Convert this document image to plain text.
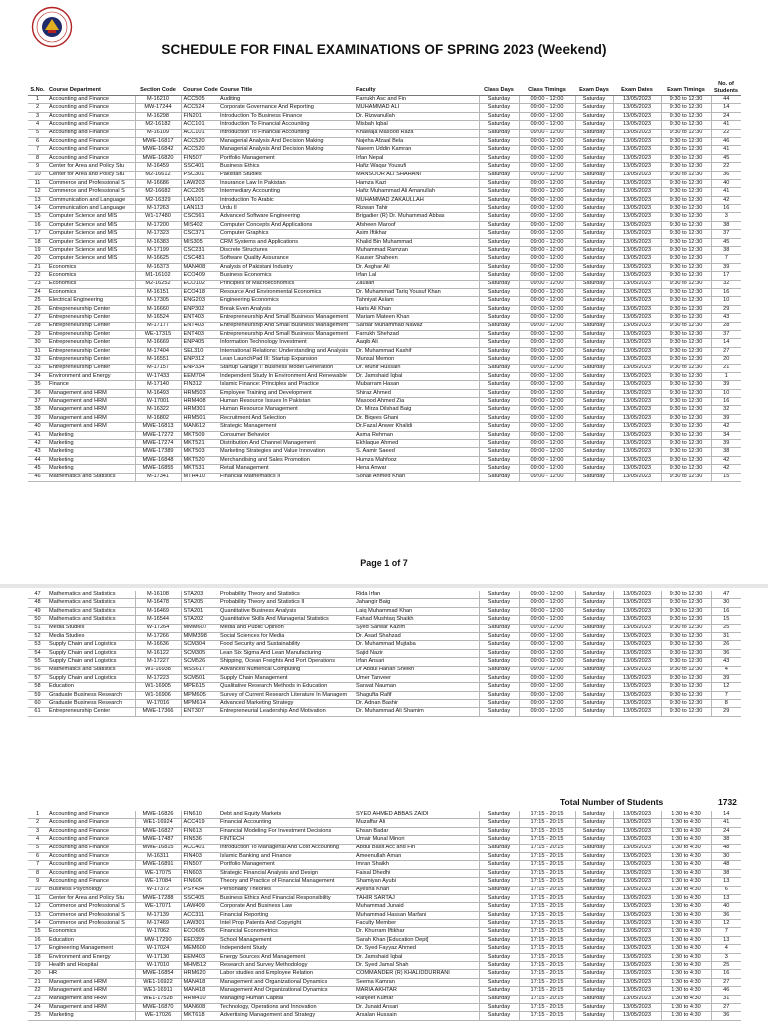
SCHEDULE FOR FINAL EXAMINATIONS OF SPRING 2023 (Weekend)
S.No.	Course Department	Section Code	Course Code	Course Title	Faculty	Class Days	Class Timings	Exam Days	Exam Dates	Exam Timings	No. of Students
1	Accounting and Finance	M-16210	ACC505	Auditing	Farrukh Asc and Fin	Saturday	09:00 - 12:00	Saturday	13/05/2023	9:30 to 12:30	44
2	Accounting and Finance	MW-17244	ACC524	Corporate Governance And Reporting	MUHAMMAD ALI	Saturday	09:00 - 12:00	Saturday	13/05/2023	9:30 to 12:30	14
3	Accounting and Finance	M-16298	FIN201	Introduction To Business Finance	Dr. Rizwanullah	Saturday	09:00 - 12:00	Saturday	13/05/2023	9:30 to 12:30	24
4	Accounting and Finance	M2-16182	ACC101	Introduction To Financial Accounting	Misbah Iqbal	Saturday	09:00 - 12:00	Saturday	13/05/2023	9:30 to 12:30	41
5	Accounting and Finance	M-16109	ACC101	Introduction To Financial Accounting	Khawaja Masood Raza	Saturday	09:00 - 12:00	Saturday	13/05/2023	9:30 to 12:30	22
6	Accounting and Finance	MWE-16817	ACC520	Managerial Analysis And Decision Making	Najeha Afzaal Bela	Saturday	09:00 - 12:00	Saturday	13/05/2023	9:30 to 12:30	46
7	Accounting and Finance	MWE-16842	ACC520	Managerial Analysis And Decision Making	Naeem Uddin Kamran	Saturday	09:00 - 12:00	Saturday	13/05/2023	9:30 to 12:30	41
8	Accounting and Finance	MWE-16820	FIN507	Portfolio Management	Irfan Nepal	Saturday	09:00 - 12:00	Saturday	13/05/2023	9:30 to 12:30	45
9	Center for Area and Policy Stu	M-16459	SSC401	Business Ethics	Hafiz Waqar Yousufi	Saturday	09:00 - 12:00	Saturday	13/05/2023	9:30 to 12:30	22
10	Center for Area and Policy Stu	M2-16612	PSC301	Pakistan Studies	MANSOOR ALI SHAHANI	Saturday	09:00 - 12:00	Saturday	13/05/2023	9:30 to 12:30	36
11	Commerce and Professional S	M-16686	LAW203	Insurance Law In Pakistan	Hamza Kazi	Saturday	09:00 - 12:00	Saturday	13/05/2023	9:30 to 12:30	40
12	Commerce and Professional S	M2-16682	ACC205	Intermediary Accounting	Hafiz Muhammad Ali Amanullah	Saturday	09:00 - 12:00	Saturday	13/05/2023	9:30 to 12:30	41
13	Communication and Language	M2-16329	LAN101	Introduction To Arabic	MUHAMMAD ZAKAULLAH	Saturday	09:00 - 12:00	Saturday	13/05/2023	9:30 to 12:30	42
14	Communication and Language	M-17263	LAN113	Urdu II	Rizwan Tahir	Saturday	09:00 - 12:00	Saturday	13/05/2023	9:30 to 12:30	16
15	Computer Science and MIS	W1-17480	CSC561	Advanced Software Engineering	Brigadier (R) Dr. Muhammad Abbas	Saturday	09:00 - 12:00	Saturday	13/05/2023	9:30 to 12:30	3
16	Computer Science and MIS	M-17200	MIS402	Computer Concepts And Applications	Afsheen Maroof	Saturday	09:00 - 12:00	Saturday	13/05/2023	9:30 to 12:30	38
17	Computer Science and MIS	M-17323	CSC371	Computer Graphics	Asim Iftikhar	Saturday	09:00 - 12:00	Saturday	13/05/2023	9:30 to 12:30	37
18	Computer Science and MIS	M-16383	MIS305	CRM Systems and Applications	Khalid Bin Muhammad	Saturday	09:00 - 12:00	Saturday	13/05/2023	9:30 to 12:30	45
19	Computer Science and MIS	M-17199	CSC231	Discrete Structures	Muhammad Ramzan	Saturday	09:00 - 12:00	Saturday	13/05/2023	9:30 to 12:30	38
20	Computer Science and MIS	M-16625	CSC481	Software Quality Assurance	Kauser Shaheen	Saturday	09:00 - 12:00	Saturday	13/05/2023	9:30 to 12:30	7
21	Economics	M-16373	MAN408	Analysis of Pakistani Industry	Dr. Asghar Ali	Saturday	09:00 - 12:00	Saturday	13/05/2023	9:30 to 12:30	39
22	Economics	M1-16102	ECO409	Business Economics	Irfan Lal	Saturday	09:00 - 12:00	Saturday	13/05/2023	9:30 to 12:30	17
23	Economics	M2-16252	ECO102	Principles of Macroeconomics	Zaullah	Saturday	09:00 - 12:00	Saturday	13/05/2023	9:30 to 12:30	32
24	Economics	M-16151	ECO418	Resource And Environmental Economics	Dr. Muhammad Tariq Yousuf Khan	Saturday	09:00 - 12:00	Saturday	13/05/2023	9:30 to 12:30	16
25	Electrical Engineering	M-17305	ENG203	Engineering Economics	Tahniyat Aslam	Saturday	09:00 - 12:00	Saturday	13/05/2023	9:30 to 12:30	10
26	Entrepreneurship Center	M-16660	ENP302	Break Even Analysis	Haris Ali Khan	Saturday	09:00 - 12:00	Saturday	13/05/2023	9:30 to 12:30	29
27	Entrepreneurship Center	M-16524	ENT403	Entrepreneurship And Small Business Management	Mariam Mateen Khan	Saturday	09:00 - 12:00	Saturday	13/05/2023	9:30 to 12:30	43
28	Entrepreneurship Center	M-17177	ENT403	Entrepreneurship And Small Business Management	Sardar Muhammad Nawaz	Saturday	09:00 - 12:00	Saturday	13/05/2023	9:30 to 12:30	28
29	Entrepreneurship Center	WE-17315	ENT403	Entrepreneurship And Small Business Management	Farrukh Shehzad	Saturday	09:00 - 12:00	Saturday	13/05/2023	9:30 to 12:30	37
30	Entrepreneurship Center	M-16669	ENP405	Information Technology Investment	Aaqib Ali	Saturday	09:00 - 12:00	Saturday	13/05/2023	9:30 to 12:30	14
31	Entrepreneurship Center	M-17404	SEL310	International Relations: Understanding and Analysis	Dr. Muhammad Kashif	Saturday	09:00 - 12:00	Saturday	13/05/2023	9:30 to 12:30	27
32	Entrepreneurship Center	M-16551	ENP312	Lean LaunchPad III: Startup Expansion	Munsal Memon	Saturday	09:00 - 12:00	Saturday	13/05/2023	9:30 to 12:30	20
33	Entrepreneurship Center	M-17157	ENP334	Startup Garage I: Business Model Generation	Dr. Munir Hussain	Saturday	09:00 - 12:00	Saturday	13/05/2023	9:30 to 12:30	21
34	Environment and Energy	W-17433	EEM704	Independent Study In Environment And Renewable	Dr. Jamshaid Iqbal	Saturday	09:00 - 12:00	Saturday	13/05/2023	9:30 to 12:30	1
35	Finance	M-17140	FIN312	Islamic Finance: Principles and Practice	Mubarram Hasan	Saturday	09:00 - 12:00	Saturday	13/05/2023	9:30 to 12:30	39
36	Management and HRM	M-16493	HRM503	Employee Training and Development	Shiraz Ahmed	Saturday	09:00 - 12:00	Saturday	13/05/2023	9:30 to 12:30	10
37	Management and HRM	W-17001	HRM408	Human Resource Issues In Pakistan	Masood Ahmed Zia	Saturday	09:00 - 12:00	Saturday	13/05/2023	9:30 to 12:30	16
38	Management and HRM	M-16322	HRM301	Human Resource Management	Dr. Mirza Dilshad Baig	Saturday	09:00 - 12:00	Saturday	13/05/2023	9:30 to 12:30	32
39	Management and HRM	M-16802	HRM501	Recruitment And Selection	Dr. Biqees Ghani	Saturday	09:00 - 12:00	Saturday	13/05/2023	9:30 to 12:30	39
40	Management and HRM	MWE-16813	MAN612	Strategic Management	Dr.Fazal Anwer Khalidi	Saturday	09:00 - 12:00	Saturday	13/05/2023	9:30 to 12:30	42
41	Marketing	MWE-17272	MKT509	Consumer Behavior	Asma Rehman	Saturday	09:00 - 12:00	Saturday	13/05/2023	9:30 to 12:30	34
42	Marketing	MWE-17274	MKT521	Distribution And Channel Management	Ekhlaque Ahmed	Saturday	09:00 - 12:00	Saturday	13/05/2023	9:30 to 12:30	39
43	Marketing	MWE-17389	MKT503	Marketing Strategies and Value Innovation	S. Aamir Saeed	Saturday	09:00 - 12:00	Saturday	13/05/2023	9:30 to 12:30	38
44	Marketing	MWE-16848	MKT520	Merchandising and Sales Promotion	Humza Mahfooz	Saturday	09:00 - 12:00	Saturday	13/05/2023	9:30 to 12:30	42
45	Marketing	MWE-16855	MKT531	Retail Management	Hena Anwar	Saturday	09:00 - 12:00	Saturday	13/05/2023	9:30 to 12:30	42
46	Mathematics and Statistics	M-17341	MTH410	Financial Mathematics II	Sohail Ahmed Khan	Saturday	09:00 - 12:00	Saturday	13/05/2023	9:30 to 12:30	15
Page 1 of 7
47	Mathematics and Statistics	M-16108	STA203	Probability Theory and Statistics	Rida Irfan	Saturday	09:00 - 12:00	Saturday	13/05/2023	9:30 to 12:30	47
48	Mathematics and Statistics	M-16478	STA205	Probability Theory and Statistics II	Jahangir Baig	Saturday	09:00 - 12:00	Saturday	13/05/2023	9:30 to 12:30	30
49	Mathematics and Statistics	M-16469	STA201	Quantitative Business Analysis	Laiq Muhammad Khan	Saturday	09:00 - 12:00	Saturday	13/05/2023	9:30 to 12:30	16
50	Mathematics and Statistics	M-16544	STA202	Quantitative Skills And Managerial Statistics	Fahad Mushtaq Shaikh	Saturday	09:00 - 12:00	Saturday	13/05/2023	9:30 to 12:30	15
51	Media Studies	W-17264	MMM607	Media and Public Opinion	Syed Sarwar Kazim	Saturday	09:00 - 12:00	Saturday	13/05/2023	9:30 to 12:30	25
52	Media Studies	M-17266	MMM398	Social Sciences for Media	Dr. Asad Shahzad	Saturday	09:00 - 12:00	Saturday	13/05/2023	9:30 to 12:30	31
53	Supply Chain and Logistics	M-16636	SCM304	Food Security and Sustainability	Dr. Muhammad Mujtaba	Saturday	09:00 - 12:00	Saturday	13/05/2023	9:30 to 12:30	26
54	Supply Chain and Logistics	M-16122	SCM305	Lean Six Sigma And Lean Manufacturing	Sajid Nazir	Saturday	09:00 - 12:00	Saturday	13/05/2023	9:30 to 12:30	36
55	Supply Chain and Logistics	M-17227	SCM526	Shipping, Ocean Freights And Port Operations	Irfan Ansari	Saturday	09:00 - 12:00	Saturday	13/05/2023	9:30 to 12:30	43
56	Mathematics and Statistics	W1-16938	MSS617	Advanced Numerical Computing	Dr Abdul Hanan Sheikh	Saturday	09:00 - 12:00	Saturday	13/05/2023	9:30 to 12:30	4
57	Supply Chain and Logistics	M-17223	SCM501	Supply Chain Management	Umer Tanveer	Saturday	09:00 - 12:00	Saturday	13/05/2023	9:30 to 12:30	39
58	Education	W1-16905	MPE615	Qualitative Research Methods in Education	Sarwat Nauman	Saturday	09:00 - 12:00	Saturday	13/05/2023	9:30 to 12:30	12
59	Graduate Business Research	W1-16906	MPM605	Survey of Current Research Literature In Managem	Shagufta Rafif	Saturday	09:00 - 12:00	Saturday	13/05/2023	9:30 to 12:30	7
60	Graduate Business Research	W-17016	MPM614	Advanced Marketing Strategy	Dr. Adnan Bashir	Saturday	09:00 - 12:00	Saturday	13/05/2023	9:30 to 12:30	8
61	Entrepreneurship Center	MWE-17366	ENT307	Entrepreneurial Leadership And Motivation	Dr. Muhammad Ali Shamim	Saturday	09:00 - 12:00	Saturday	13/05/2023	9:30 to 12:30	29
Total Number of Students	1732
1	Accounting and Finance	MWE-16826	FIN610	Debt and Equity Markets	SYED AHMED ABBAS ZAIDI	Saturday	17:15 - 20:15	Saturday	13/05/2023	1:30 to 4:30	14
2	Accounting and Finance	WE1-16924	ACC419	Financial Accounting	Muzaffar Ali	Saturday	17:15 - 20:15	Saturday	13/05/2023	1:30 to 4:30	41
3	Accounting and Finance	MWE-16827	FIN613	Financial Modeling For Investment Decisions	Ehsan Badar	Saturday	17:15 - 20:15	Saturday	13/05/2023	1:30 to 4:30	24
4	Accounting and Finance	MWE-17487	FIN536	FINTECH	Umair Munal Minori	Saturday	17:15 - 20:15	Saturday	13/05/2023	1:30 to 4:30	38
5	Accounting and Finance	MWE-16815	ACC401	Introduction To Managerial And Cost Accounting	Abdul Basit Acc and Fin	Saturday	17:15 - 20:15	Saturday	13/05/2023	1:30 to 4:30	48
6	Accounting and Finance	M-16311	FIN403	Islamic Banking and Finance	Ameenullah Aman	Saturday	17:15 - 20:15	Saturday	13/05/2023	1:30 to 4:30	30
7	Accounting and Finance	MWE-16891	FIN507	Portfolio Management	Imran Shaikh	Saturday	17:15 - 20:15	Saturday	13/05/2023	1:30 to 4:30	48
8	Accounting and Finance	WE-17075	FIN603	Strategic Financial Analysis and Design	Faisal Dhedhi	Saturday	17:15 - 20:15	Saturday	13/05/2023	1:30 to 4:30	38
9	Accounting and Finance	WE-17084	FIN606	Theory and Practice of Financial Management	Shamiyan Ayubi	Saturday	17:15 - 20:15	Saturday	13/05/2023	1:30 to 4:30	13
10	Business Psychology	W-17372	PSY434	Personality Theories	Ayesha Khan	Saturday	17:15 - 20:15	Saturday	13/05/2023	1:30 to 4:30	6
11	Center for Area and Policy Stu	MWE-17288	SSC405	Business Ethics And Financial Responsibility	TAHIR SARTAJ	Saturday	17:15 - 20:15	Saturday	13/05/2023	1:30 to 4:30	13
12	Commerce and Professional S	WE-17071	LAW409	Corporate And Business Law	Muhammad Junaid	Saturday	17:15 - 20:15	Saturday	13/05/2023	1:30 to 4:30	40
13	Commerce and Professional S	M-17139	ACC311	Financial Reporting	Muhammad Hassan Marfani	Saturday	17:15 - 20:15	Saturday	13/05/2023	1:30 to 4:30	36
14	Commerce and Professional S	M-17469	LAW301	Intel Prop Patents And Copyright	Faculty Member	Saturday	17:15 - 20:15	Saturday	13/05/2023	1:30 to 4:30	12
15	Economics	W-17062	ECO605	Financial Econometrics	Dr. Khurram Iftikhar	Saturday	17:15 - 20:15	Saturday	13/05/2023	1:30 to 4:30	7
16	Education	MW-17290	EED359	School Management	Sarah Khan [Education Dept]	Saturday	17:15 - 20:15	Saturday	13/05/2023	1:30 to 4:30	13
17	Engineering Management	W-17024	MEM600	Independent Study	Dr. Syed Fayyaz Ahmed	Saturday	17:15 - 20:15	Saturday	13/05/2023	1:30 to 4:30	4
18	Environment and Energy	W-17130	EEM403	Energy Sources And Management	Dr. Jamshaid Iqbal	Saturday	17:15 - 20:15	Saturday	13/05/2023	1:30 to 4:30	3
19	Health and Hospital	W-17010	MHM512	Research and Survey Methodology	Dr. Syed Jamal Shah	Saturday	17:15 - 20:15	Saturday	13/05/2023	1:30 to 4:30	25
20	HR	MWE-16854	HRM620	Labor studies and Employee Relation	COMMANDER (R) KHALIDDURRANI	Saturday	17:15 - 20:15	Saturday	13/05/2023	1:30 to 4:30	16
21	Management and HRM	WE1-16922	MAN418	Management and Organizational Dynamics	Seema Kamran	Saturday	17:15 - 20:15	Saturday	13/05/2023	1:30 to 4:30	27
22	Management and HRM	WE1-16911	MAN418	Management And Organizational Dynamics	MARIA AKHTAR	Saturday	17:15 - 20:15	Saturday	13/05/2023	1:30 to 4:30	46
23	Management and HRM	WE1-17528	HRM410	Managing Human Capital	Ranjeet Kumar	Saturday	17:15 - 20:15	Saturday	13/05/2023	1:30 to 4:30	31
24	Management and HRM	MWE-16870	MAN608	Technology, Operations and Innovation	Dr. Junaid Ansari	Saturday	17:15 - 20:15	Saturday	13/05/2023	1:30 to 4:30	27
25	Marketing	WE-17026	MKT618	Advertising Management and Strategy	Arsalan Hussain	Saturday	17:15 - 20:15	Saturday	13/05/2023	1:30 to 4:30	36
